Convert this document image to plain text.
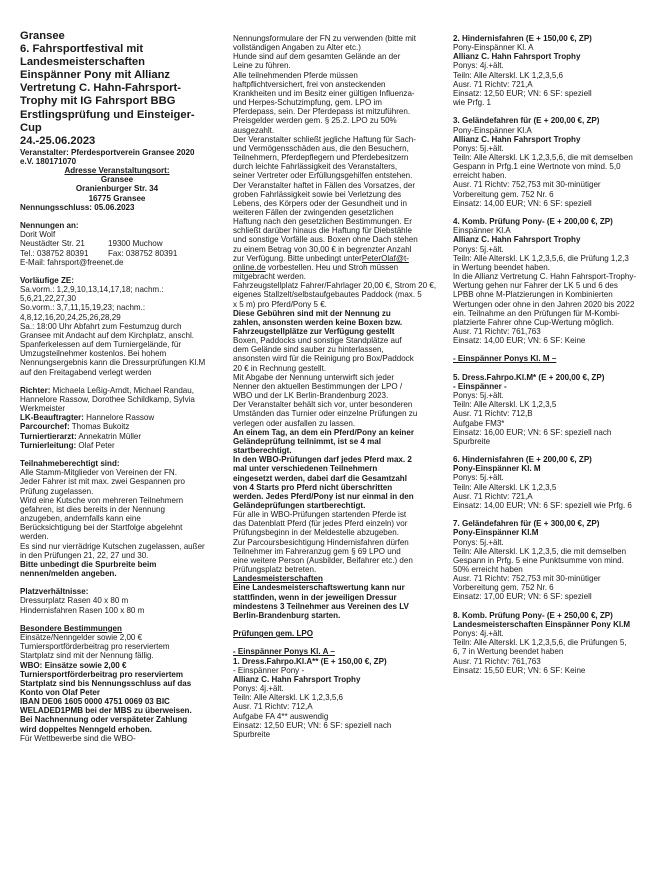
Gransee
6. Fahrsportfestival mit
Landesmeisterschaften
Einspänner Pony mit Allianz
Vertretung C. Hahn-Fahrsport-
Trophy mit IG Fahrsport BBG
Erstlingsprüfung und Einsteiger-
Cup
24.-25.06.2023
Veranstalter: Pferdesportverein Gransee 2020
e.V. 180171070
Adresse Veranstaltungsort:
Gransee
Oranienburger Str. 34
16775 Gransee
Nennungsschluss: 05.06.2023
Nennungen an:
Dorit Wolf
Neustädter Str. 21	19300 Muchow
Tel.: 038752 80391 Fax: 038752 80391
E-Mail: fahrsport@freenet.de
Vorläufige ZE:
Sa.vorm.: 1,2,9,10,13,14,17,18; nachm.:
5,6,21,22,27,30
So.vorm.: 3,7,11,15,19,23; nachm.:
4,8,12,16,20,24,25,26,28,29
Sa.: 18:00 Uhr Abfahrt zum Festumzug durch
Gransee mit Andacht auf dem Kirchplatz, anschl.
Spanferkelessen auf dem Turniergelände, für
Umzugsteilnehmer kostenlos. Bei hohem
Nennungsergebnis kann die Dressurprüfungen Kl.M
auf den Freitagabend verlegt werden
Richter: Michaela Leßig-Arndt, Michael Randau,
Hannelore Rassow, Dorothee Schildkamp, Sylvia
Werkmeister
LK-Beauftragter: Hannelore Rassow
Parcourchef: Thomas Bukoitz
Turniertierarzt: Annekatrin Müller
Turnierleitung: Olaf Peter
Teilnahmeberechtigt sind:
Alle Stamm-Mitglieder von Vereinen der FN.
Jeder Fahrer ist mit max. zwei Gespannen pro
Prüfung zugelassen.
Wird eine Kutsche von mehreren Teilnehmern
gefahren, ist dies bereits in der Nennung
anzugeben, andernfalls kann eine
Berücksichtigung bei der Startfolge abgelehnt
werden.
Es sind nur vierrädrige Kutschen zugelassen, außer
in den Prüfungen 21, 22, 27 und 30.
Bitte unbedingt die Spurbreite beim
nennen/melden angeben.
Platzverhältnisse:
Dressurplatz Rasen 40 x 80 m
Hindernisfahren Rasen 100 x 80 m
Besondere Bestimmungen
Einsätze/Nenngelder sowie 2,00 €
Turniersportförderbeitrag pro reserviertem
Startplatz sind mit der Nennung fällig.
WBO: Einsätze sowie 2,00 €
Turniersportförderbeitrag pro reserviertem
Startplatz sind bis Nennungsschluss auf das
Konto von Olaf Peter
IBAN DE06 1605 0000 4751 0069 03 BIC
WELADED1PMB bei der MBS zu überweisen.
Bei Nachnennung oder verspäteter Zahlung
wird doppeltes Nenngeld erhoben.
Für Wettbewerbe sind die WBO-
Nennungsformulare der FN zu verwenden (bitte mit
vollständigen Angaben zu Alter etc.)
Hunde sind auf dem gesamten Gelände an der
Leine zu führen.
Alle teilnehmenden Pferde müssen
haftpflichtversichert, frei von ansteckenden
Krankheiten und im Besitz einer gültigen Influenza-
und Herpes-Schutzimpfung, gem. LPO im
Pferdepass, sein. Der Pferdepass ist mitzuführen.
Preisgelder werden gem. § 25.2. LPO zu 50%
ausgezahlt.
Der Veranstalter schließt jegliche Haftung für Sach-
und Vermögensschäden aus, die den Besuchern,
Teilnehmern, Pferdepflegern und Pferdebesitzern
durch leichte Fahrlässigkeit des Veranstalters,
seiner Vertreter oder Erfüllungsgehilfen entstehen.
Der Veranstalter haftet in Fällen des Vorsatzes, der
groben Fahrlässigkeit sowie bei Verletzung des
Lebens, des Körpers oder der Gesundheit und in
weiteren Fällen der zwingenden gesetzlichen
Haftung nach den gesetzlichen Bestimmungen. Er
schließt darüber hinaus die Haftung für Diebstähle
und sonstige Vorfälle aus. Boxen ohne Dach stehen
zu einem Betrag von 30,00 € in begrenzter Anzahl
zur Verfügung. Bitte unbedingt unterPeterOlaf@t-
online.de vorbestellen. Heu und Stroh müssen
mitgebracht werden.
Fahrzeugstellplatz Fahrer/Fahrlager 20,00 €, Strom 20 €,
eigenes Stallzelt/selbstaufgebautes Paddock (max. 5
x 5 m) pro Pferd/Pony 5 €.
Diese Gebühren sind mit der Nennung zu
zahlen, ansonsten werden keine Boxen bzw.
Fahrzeugstellplätze zur Verfügung gestellt
Boxen, Paddocks und sonstige Standplätze auf
dem Gelände sind sauber zu hinterlassen,
ansonsten wird für die Reinigung pro Box/Paddock
20 € in Rechnung gestellt.
Mit Abgabe der Nennung unterwirft sich jeder
Nenner den aktuellen Bestimmungen der LPO /
WBO und der LK Berlin-Brandenburg 2023.
Der Veranstalter behält sich vor, unter besonderen
Umständen das Turnier oder einzelne Prüfungen zu
verlegen oder ausfallen zu lassen.
An einem Tag, an dem ein Pferd/Pony an keiner
Geländeprüfung teilnimmt, ist se 4 mal
startberechtigt.
In den WBO-Prüfungen darf jedes Pferd max. 2
mal unter verschiedenen Teilnehmern
eingesetzt werden, dabei darf die Gesamtzahl
von 4 Starts pro Pferd nicht überschritten
werden. Jedes Pferd/Pony ist nur einmal in den
Geländeprüfungen startberechtigt.
Für alle in WBO-Prüfungen startenden Pferde ist
das Datenblatt Pferd (für jedes Pferd einzeln) vor
Prüfungsbeginn in der Meldestelle abzugeben.
Zur Parcoursbesichtigung Hindernisfahren dürfen
Teilnehmer im Fahreranzug gem § 69 LPO und
eine weitere Person (Ausbilder, Beifahrer etc.) den
Prüfungsplatz betreten.
Landesmeisterschaften
Eine Landesmeisterschaftswertung kann nur
stattfinden, wenn in der jeweiligen Dressur
mindestens 3 Teilnehmer aus Vereinen des LV
Berlin-Brandenburg starten.
Prüfungen gem. LPO
- Einspänner Ponys Kl. A –
1. Dress.Fahrpo.Kl.A** (E + 150,00 €, ZP)
- Einspänner Pony -
Allianz C. Hahn Fahrsport Trophy
Ponys: 4j.+ält.
Teiln: Alle Alterskl. LK 1,2,3,5,6
Ausr. 71 Richtv: 712,A
Aufgabe FA 4** auswendig
Einsatz: 12,50 EUR; VN: 6 SF: speziell nach
Spurbreite
2. Hindernisfahren (E + 150,00 €, ZP)
Pony-Einspänner Kl. A
Allianz C. Hahn Fahrsport Trophy
Ponys: 4j.+ält.
Teiln: Alle Alterskl. LK 1,2,3,5,6
Ausr. 71 Richtv: 721,A
Einsatz: 12,50 EUR; VN: 6 SF: speziell
wie Prfg. 1
3. Geländefahren für (E + 200,00 €, ZP)
Pony-Einspänner Kl.A
Allianz C. Hahn Fahrsport Trophy
Ponys: 5j.+ält.
Teiln: Alle Alterskl. LK 1,2,3,5,6, die mit demselben
Gespann in Prfg.1 eine Wertnote von mind. 5,0
erreicht haben.
Ausr. 71 Richtv: 752,753 mit 30-minütiger
Vorbereitung gem. 752 Nr. 6
Einsatz: 14,00 EUR; VN: 6 SF: speziell
4. Komb. Prüfung Pony- (E + 200,00 €, ZP)
Einspänner Kl.A
Allianz C. Hahn Fahrsport Trophy
Ponys: 5j.+ält.
Teiln: Alle Alterskl. LK 1,2,3,5,6, die Prüfung 1,2,3
in Wertung beendet haben.
In die Allianz Vertretung C. Hahn Fahrsport-Trophy-
Wertung gehen nur Fahrer der LK 5 und 6 des
LPBB ohne M-Platzierungen in Kombinierten
Wertungen oder ohne in den Jahren 2020 bis 2022
ein. Teilnahme an den Prüfungen für M-Kombi-
platzierte Fahrer ohne Cup-Wertung möglich.
Ausr. 71 Richtv: 761,763
Einsatz: 14,00 EUR; VN: 6 SF: Keine
- Einspänner Ponys Kl. M –
5. Dress.Fahrpo.Kl.M* (E + 200,00 €, ZP)
- Einspänner -
Ponys: 5j.+ält.
Teiln: Alle Alterskl. LK 1,2,3,5
Ausr. 71 Richtv: 712,B
Aufgabe FM3*
Einsatz: 16,00 EUR; VN: 6 SF: speziell nach
Spurbreite
6. Hindernisfahren (E + 200,00 €, ZP)
Pony-Einspänner Kl. M
Ponys: 5j.+ält.
Teiln: Alle Alterskl. LK 1,2,3,5
Ausr. 71 Richtv: 721,A
Einsatz: 14,00 EUR; VN: 6 SF: speziell wie Prfg. 6
7. Geländefahren für (E + 300,00 €, ZP)
Pony-Einspänner Kl.M
Ponys: 5j.+ält.
Teiln: Alle Alterskl. LK 1,2,3,5, die mit demselben
Gespann in Prfg. 5 eine Punktsumme von mind.
50% erreicht haben
Ausr. 71 Richtv: 752,753 mit 30-minütiger
Vorbereitung gem. 752 Nr. 6
Einsatz: 17,00 EUR; VN: 6 SF: speziell
8. Komb. Prüfung Pony- (E + 250,00 €, ZP)
Landesmeisterschaften Einspänner Pony Kl.M
Ponys: 4j.+ält.
Teiln: Alle Alterskl. LK 1,2,3,5,6, die Prüfungen 5,
6, 7 in Wertung beendet haben
Ausr. 71 Richtv: 761,763
Einsatz: 15,50 EUR; VN: 6 SF: Keine
